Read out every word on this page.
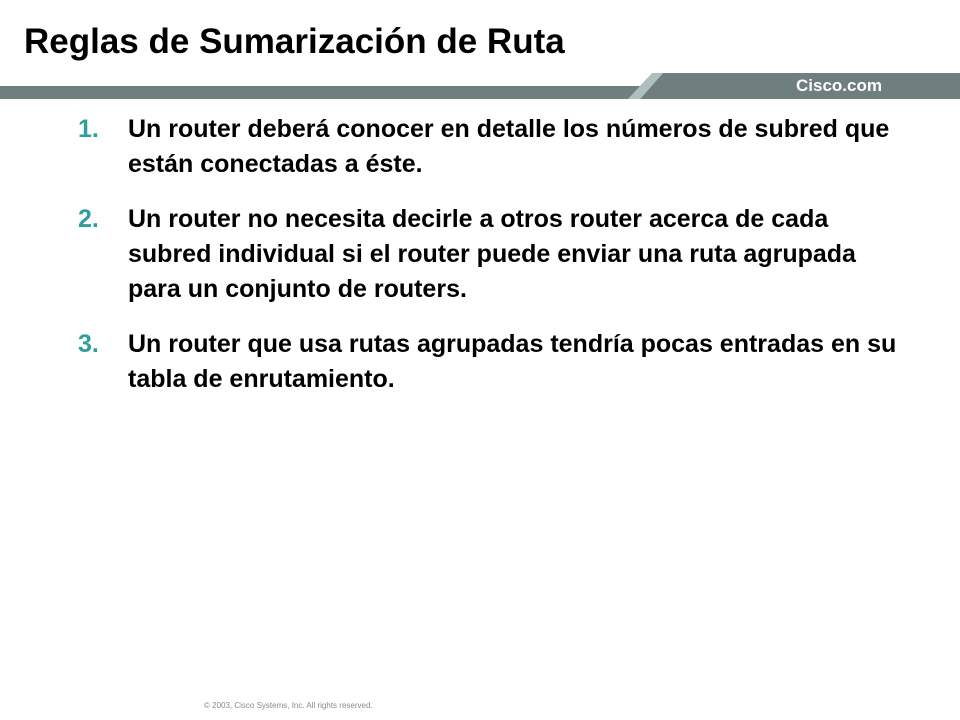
Reglas de Sumarización de Ruta
Cisco.com
1.	Un router deberá conocer en detalle los números de subred que están conectadas a éste.
2.	Un router no necesita decirle a otros router acerca de cada subred individual si el router puede enviar una ruta agrupada para un conjunto de routers.
3.	Un router que usa rutas agrupadas tendría pocas entradas en su tabla de enrutamiento.
© 2003, Cisco Systems, Inc. All rights reserved.
